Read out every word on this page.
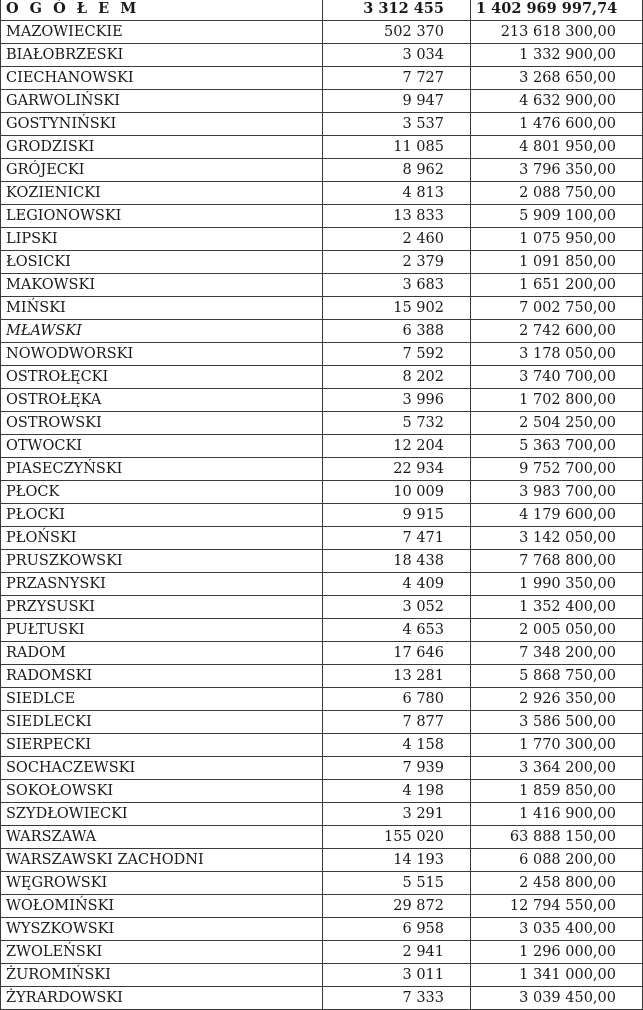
O G Ó Ł E M	3 312 455	1 402 969 997,74
MAZOWIECKIE	502 370	213 618 300,00
BIAŁOBRZESKI	3 034	1 332 900,00
CIECHANOWSKI	7 727	3 268 650,00
GARWOLIŃSKI	9 947	4 632 900,00
GOSTYNIŃSKI	3 537	1 476 600,00
GRODZISKI	11 085	4 801 950,00
GRÓJECKI	8 962	3 796 350,00
KOZIENICKI	4 813	2 088 750,00
LEGIONOWSKI	13 833	5 909 100,00
LIPSKI	2 460	1 075 950,00
ŁOSICKI	2 379	1 091 850,00
MAKOWSKI	3 683	1 651 200,00
MIŃSKI	15 902	7 002 750,00
MŁAWSKI	6 388	2 742 600,00
NOWODWORSKI	7 592	3 178 050,00
OSTROŁĘCKI	8 202	3 740 700,00
OSTROŁĘKA	3 996	1 702 800,00
OSTROWSKI	5 732	2 504 250,00
OTWOCKI	12 204	5 363 700,00
PIASECZYŃSKI	22 934	9 752 700,00
PŁOCK	10 009	3 983 700,00
PŁOCKI	9 915	4 179 600,00
PŁOŃSKI	7 471	3 142 050,00
PRUSZKOWSKI	18 438	7 768 800,00
PRZASNYSKI	4 409	1 990 350,00
PRZYSUSKI	3 052	1 352 400,00
PUŁTUSKI	4 653	2 005 050,00
RADOM	17 646	7 348 200,00
RADOMSKI	13 281	5 868 750,00
SIEDLCE	6 780	2 926 350,00
SIEDLECKI	7 877	3 586 500,00
SIERPECKI	4 158	1 770 300,00
SOCHACZEWSKI	7 939	3 364 200,00
SOKOŁOWSKI	4 198	1 859 850,00
SZYDŁOWIECKI	3 291	1 416 900,00
WARSZAWA	155 020	63 888 150,00
WARSZAWSKI ZACHODNI	14 193	6 088 200,00
WĘGROWSKI	5 515	2 458 800,00
WOŁOMIŃSKI	29 872	12 794 550,00
WYSZKOWSKI	6 958	3 035 400,00
ZWOLEŃSKI	2 941	1 296 000,00
ŻUROMIŃSKI	3 011	1 341 000,00
ŻYRARDOWSKI	7 333	3 039 450,00
